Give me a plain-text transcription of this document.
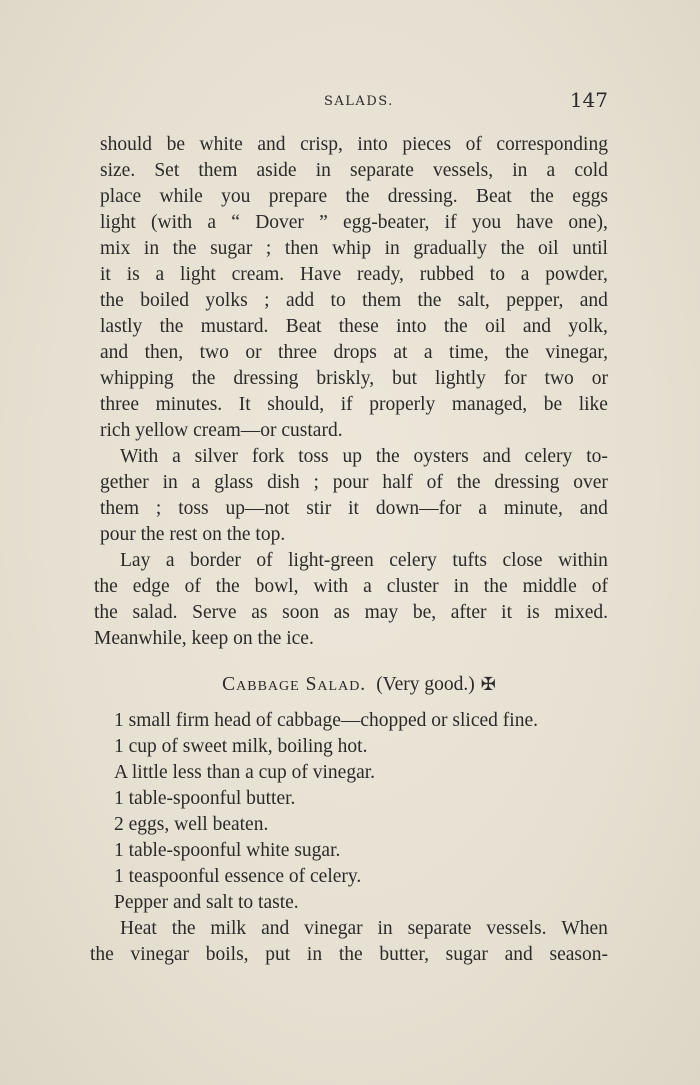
SALADS.	147
should be white and crisp, into pieces of corresponding
size. Set them aside in separate vessels, in a cold
place while you prepare the dressing. Beat the eggs
light (with a “ Dover ” egg-beater, if you have one),
mix in the sugar ; then whip in gradually the oil until
it is a light cream. Have ready, rubbed to a powder,
the boiled yolks ; add to them the salt, pepper, and
lastly the mustard. Beat these into the oil and yolk,
and then, two or three drops at a time, the vinegar,
whipping the dressing briskly, but lightly for two or
three minutes. It should, if properly managed, be like
rich yellow cream—or custard.
With a silver fork toss up the oysters and celery to-
gether in a glass dish ; pour half of the dressing over
them ; toss up—not stir it down—for a minute, and
pour the rest on the top.
Lay a border of light-green celery tufts close within
the edge of the bowl, with a cluster in the middle of
the salad. Serve as soon as may be, after it is mixed.
Meanwhile, keep on the ice.
Cabbage Salad. (Very good.) ✠
1 small firm head of cabbage—chopped or sliced fine.
1 cup of sweet milk, boiling hot.
A little less than a cup of vinegar.
1 table-spoonful butter.
2 eggs, well beaten.
1 table-spoonful white sugar.
1 teaspoonful essence of celery.
Pepper and salt to taste.
Heat the milk and vinegar in separate vessels. When
the vinegar boils, put in the butter, sugar and season-
